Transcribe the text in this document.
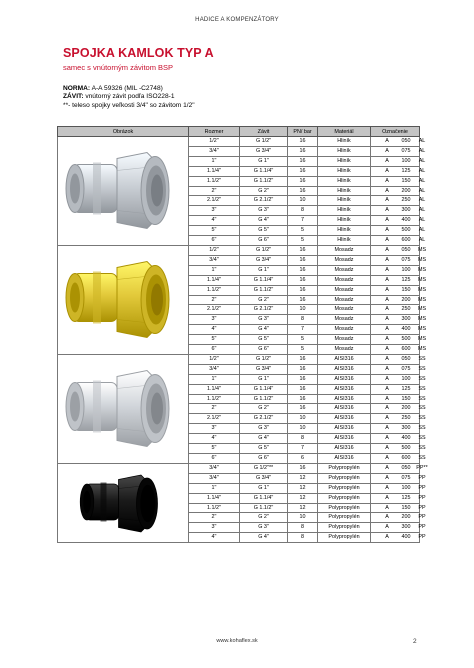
HADICE A KOMPENZÁTORY
SPOJKA KAMLOK TYP A
samec s vnútorným závitom BSP
NORMA: A-A 59326 (MIL -C2748)
ZÁVIT: vnútorný závit podľa ISO228-1
**- teleso spojky veľkosti 3/4" so závitom 1/2"
Obrázok	Rozmer	Závit	PN/ bar	Materiál	Označenie

	1/2"	G 1/2"	16	Hliník	A 050 AL
	3/4"	G 3/4"	16	Hliník	A 075 AL
	1"	G 1"	16	Hliník	A 100 AL
	1.1/4"	G 1.1/4"	16	Hliník	A 125 AL
	1.1/2"	G 1.1/2"	16	Hliník	A 150 AL
	2"	G 2"	16	Hliník	A 200 AL
	2.1/2"	G 2.1/2"	10	Hliník	A 250 AL
	3"	G 3"	8	Hliník	A 300 AL
	4"	G 4"	7	Hliník	A 400 AL
	5"	G 5"	5	Hliník	A 500 AL
	6"	G 6"	5	Hliník	A 600 AL

	1/2"	G 1/2"	16	Mosadz	A 050 MS
	3/4"	G 3/4"	16	Mosadz	A 075 MS
	1"	G 1"	16	Mosadz	A 100 MS
	1.1/4"	G 1.1/4"	16	Mosadz	A 125 MS
	1.1/2"	G 1.1/2"	16	Mosadz	A 150 MS
	2"	G 2"	16	Mosadz	A 200 MS
	2.1/2"	G 2.1/2"	10	Mosadz	A 250 MS
	3"	G 3"	8	Mosadz	A 300 MS
	4"	G 4"	7	Mosadz	A 400 MS
	5"	G 5"	5	Mosadz	A 500 MS
	6"	G 6"	5	Mosadz	A 600 MS

	1/2"	G 1/2"	16	AISI316	A 050 SS
	3/4"	G 3/4"	16	AISI316	A 075 SS
	1"	G 1"	16	AISI316	A 100 SS
	1.1/4"	G 1.1/4"	16	AISI316	A 125 SS
	1.1/2"	G 1.1/2"	16	AISI316	A 150 SS
	2"	G 2"	16	AISI316	A 200 SS
	2.1/2"	G 2.1/2"	10	AISI316	A 250 SS
	3"	G 3"	10	AISI316	A 300 SS
	4"	G 4"	8	AISI316	A 400 SS
	5"	G 5"	7	AISI316	A 500 SS
	6"	G 6"	6	AISI316	A 600 SS

	3/4"	G 1/2"**	16	Polypropylén	A 050 PP**
	3/4"	G 3/4"	12	Polypropylén	A 075 PP
	1"	G 1"	12	Polypropylén	A 100 PP
	1.1/4"	G 1.1/4"	12	Polypropylén	A 125 PP
	1.1/2"	G 1.1/2"	12	Polypropylén	A 150 PP
	2"	G 2"	10	Polypropylén	A 200 PP
	3"	G 3"	8	Polypropylén	A 300 PP
	4"	G 4"	8	Polypropylén	A 400 PP
www.kohaflex.sk	2
